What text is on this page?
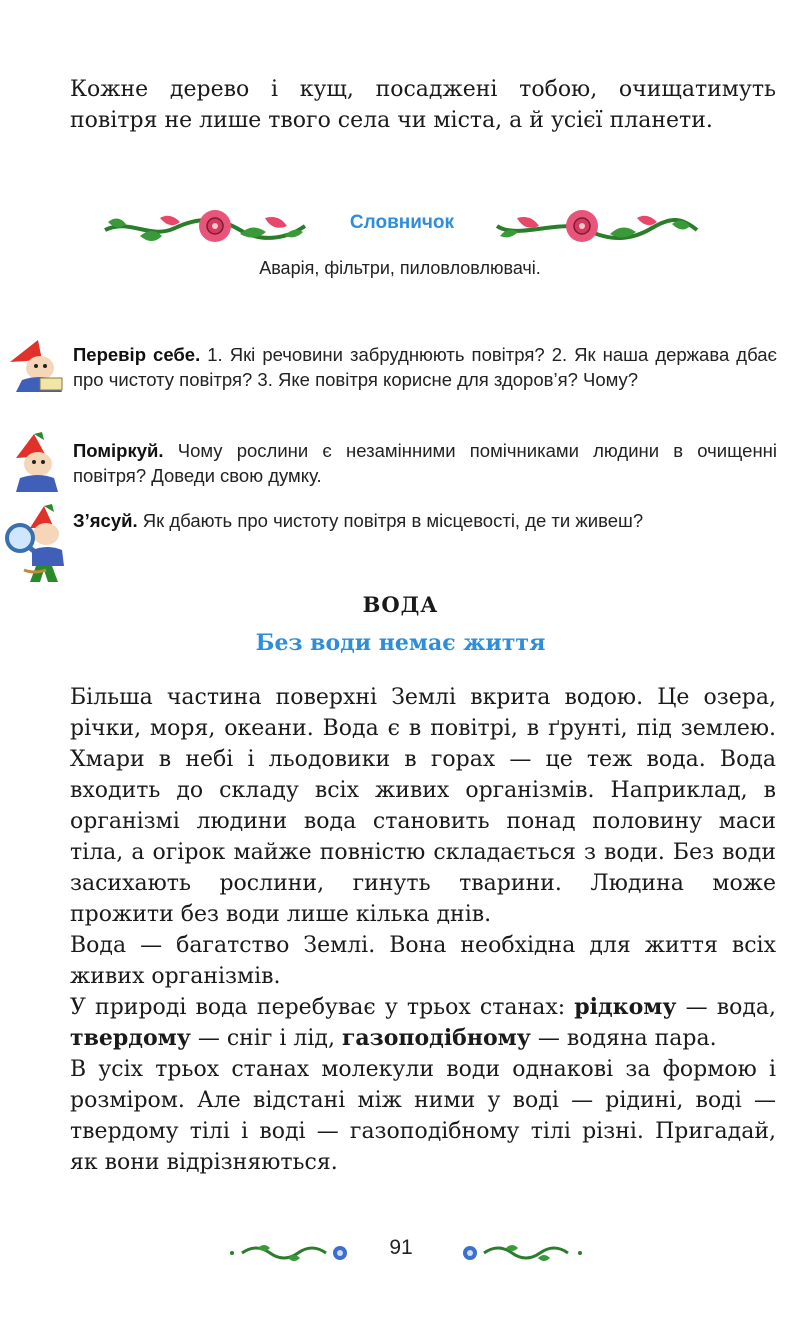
Кожне дерево і кущ, посаджені тобою, очищатимуть повітря не лише твого села чи міста, а й усієї планети.

Словничок
Аварія, фільтри, пиловловлювачі.
Перевір себе. 1. Які речовини забруднюють повітря? 2. Як наша держава дбає про чистоту повітря? 3. Яке повітря корисне для здоров’я? Чому?
Поміркуй. Чому рослини є незамінними помічниками людини в очищенні повітря? Доведи свою думку.
З’ясуй. Як дбають про чистоту повітря в місцевості, де ти живеш?
ВОДА
Без води немає життя

Більша частина поверхні Землі вкрита водою. Це озера, річки, моря, океани. Вода є в повітрі, в ґрунті, під землею. Хмари в небі і льодовики в горах — це теж вода. Вода входить до складу всіх живих організмів. Наприклад, в організмі людини вода становить понад половину маси тіла, а огірок майже повністю складається з води. Без води засихають рослини, гинуть тварини. Людина може прожити без води лише кілька днів.

Вода — багатство Землі. Вона необхідна для життя всіх живих організмів.

У природі вода перебуває у трьох станах: рідкому — вода, твердому — сніг і лід, газоподібному — водяна пара.

В усіх трьох станах молекули води однакові за формою і розміром. Але відстані між ними у воді — рідині, воді — твердому тілі і воді — газоподібному тілі різні. Пригадай, як вони відрізняються.

91
